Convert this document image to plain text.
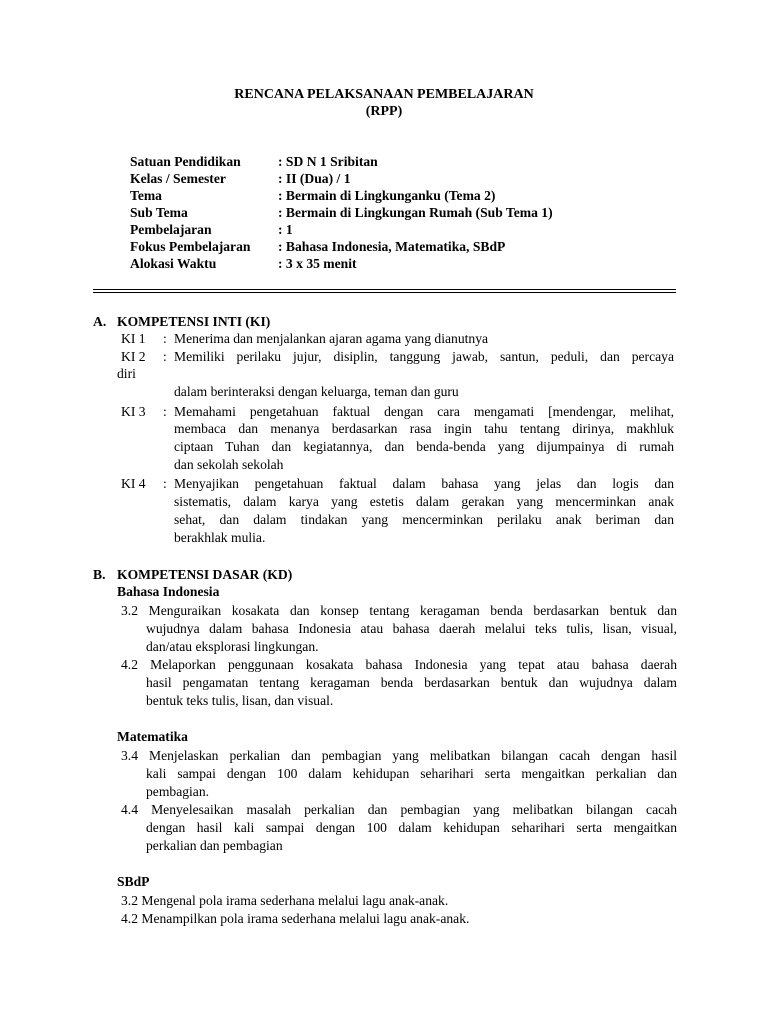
RENCANA PELAKSANAAN PEMBELAJARAN
(RPP)
Satuan Pendidikan	: SD N 1 Sribitan
Kelas / Semester	: II (Dua) / 1
Tema	: Bermain di Lingkunganku (Tema 2)
Sub Tema	: Bermain di Lingkungan Rumah (Sub Tema 1)
Pembelajaran	: 1
Fokus Pembelajaran : Bahasa Indonesia, Matematika, SBdP
Alokasi Waktu	: 3 x 35 menit
A. KOMPETENSI INTI (KI)
KI 1 : Menerima dan menjalankan ajaran agama yang dianutnya
KI 2 : Memiliki perilaku jujur, disiplin, tanggung jawab, santun, peduli, dan percaya
diri
dalam berinteraksi dengan keluarga, teman dan guru
KI 3 : Memahami pengetahuan faktual dengan cara mengamati [mendengar, melihat,
membaca dan menanya berdasarkan rasa ingin tahu tentang dirinya, makhluk
ciptaan Tuhan dan kegiatannya, dan benda-benda yang dijumpainya di rumah
dan sekolah sekolah
KI 4 : Menyajikan pengetahuan faktual dalam bahasa yang jelas dan logis dan
sistematis, dalam karya yang estetis dalam gerakan yang mencerminkan anak
sehat, dan dalam tindakan yang mencerminkan perilaku anak beriman dan
berakhlak mulia.
B. KOMPETENSI DASAR (KD)
Bahasa Indonesia
3.2 Menguraikan kosakata dan konsep tentang keragaman benda berdasarkan bentuk dan
wujudnya dalam bahasa Indonesia atau bahasa daerah melalui teks tulis, lisan, visual,
dan/atau eksplorasi lingkungan.
4.2 Melaporkan penggunaan kosakata bahasa Indonesia yang tepat atau bahasa daerah
hasil pengamatan tentang keragaman benda berdasarkan bentuk dan wujudnya dalam
bentuk teks tulis, lisan, dan visual.
Matematika
3.4 Menjelaskan perkalian dan pembagian yang melibatkan bilangan cacah dengan hasil
kali sampai dengan 100 dalam kehidupan seharihari serta mengaitkan perkalian dan
pembagian.
4.4 Menyelesaikan masalah perkalian dan pembagian yang melibatkan bilangan cacah
dengan hasil kali sampai dengan 100 dalam kehidupan seharihari serta mengaitkan
perkalian dan pembagian
SBdP
3.2 Mengenal pola irama sederhana melalui lagu anak-anak.
4.2 Menampilkan pola irama sederhana melalui lagu anak-anak.
